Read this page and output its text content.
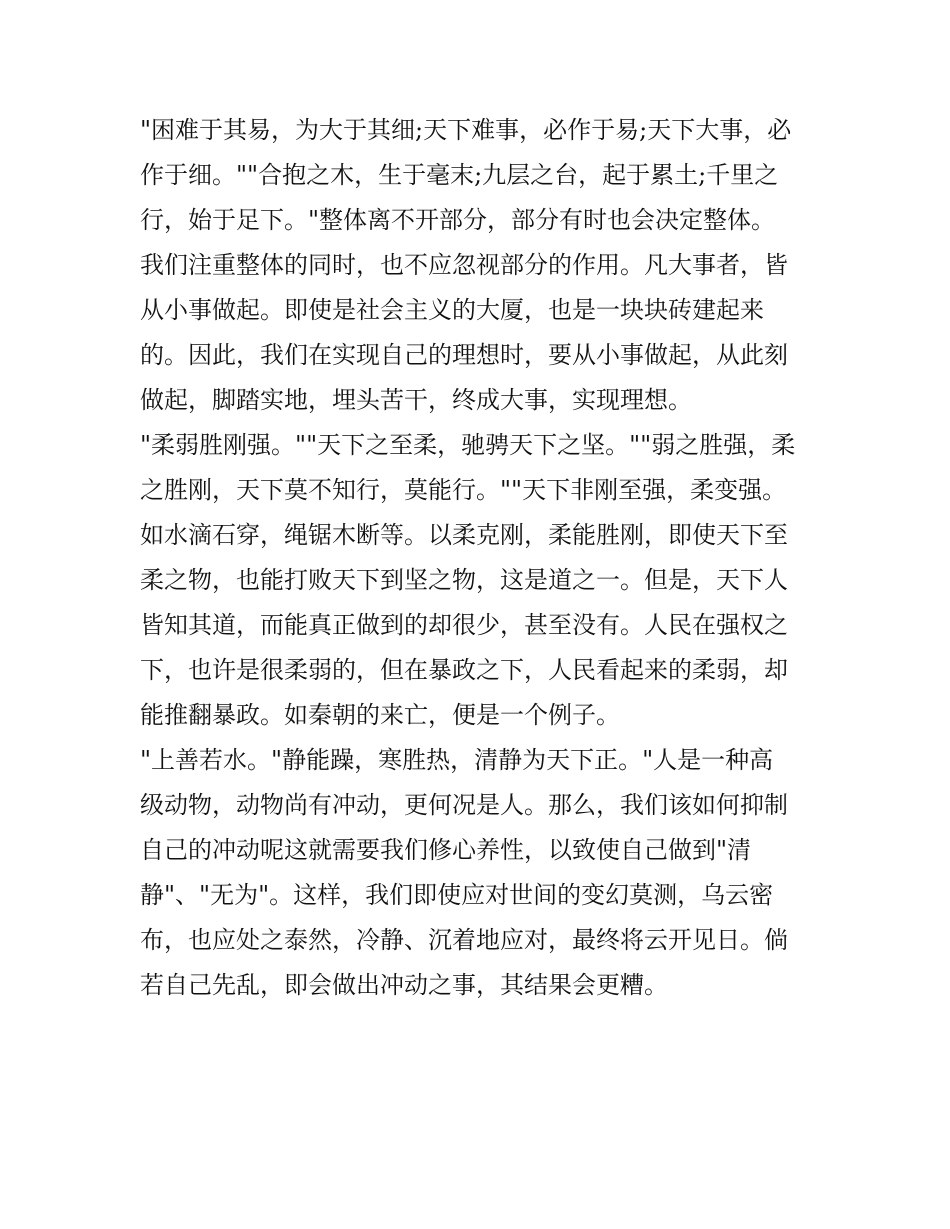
"困难于其易，为大于其细;天下难事，必作于易;天下大事，必
作于细。""合抱之木，生于毫末;九层之台，起于累土;千里之
行，始于足下。"整体离不开部分，部分有时也会决定整体。
我们注重整体的同时，也不应忽视部分的作用。凡大事者，皆
从小事做起。即使是社会主义的大厦，也是一块块砖建起来
的。因此，我们在实现自己的理想时，要从小事做起，从此刻
做起，脚踏实地，埋头苦干，终成大事，实现理想。
"柔弱胜刚强。""天下之至柔，驰骋天下之坚。""弱之胜强，柔
之胜刚，天下莫不知行，莫能行。""天下非刚至强，柔变强。
如水滴石穿，绳锯木断等。以柔克刚，柔能胜刚，即使天下至
柔之物，也能打败天下到坚之物，这是道之一。但是，天下人
皆知其道，而能真正做到的却很少，甚至没有。人民在强权之
下，也许是很柔弱的，但在暴政之下，人民看起来的柔弱，却
能推翻暴政。如秦朝的来亡，便是一个例子。
"上善若水。"静能躁，寒胜热，清静为天下正。"人是一种高
级动物，动物尚有冲动，更何况是人。那么，我们该如何抑制
自己的冲动呢这就需要我们修心养性，以致使自己做到"清
静"、"无为"。这样，我们即使应对世间的变幻莫测，乌云密
布，也应处之泰然，冷静、沉着地应对，最终将云开见日。倘
若自己先乱，即会做出冲动之事，其结果会更糟。
